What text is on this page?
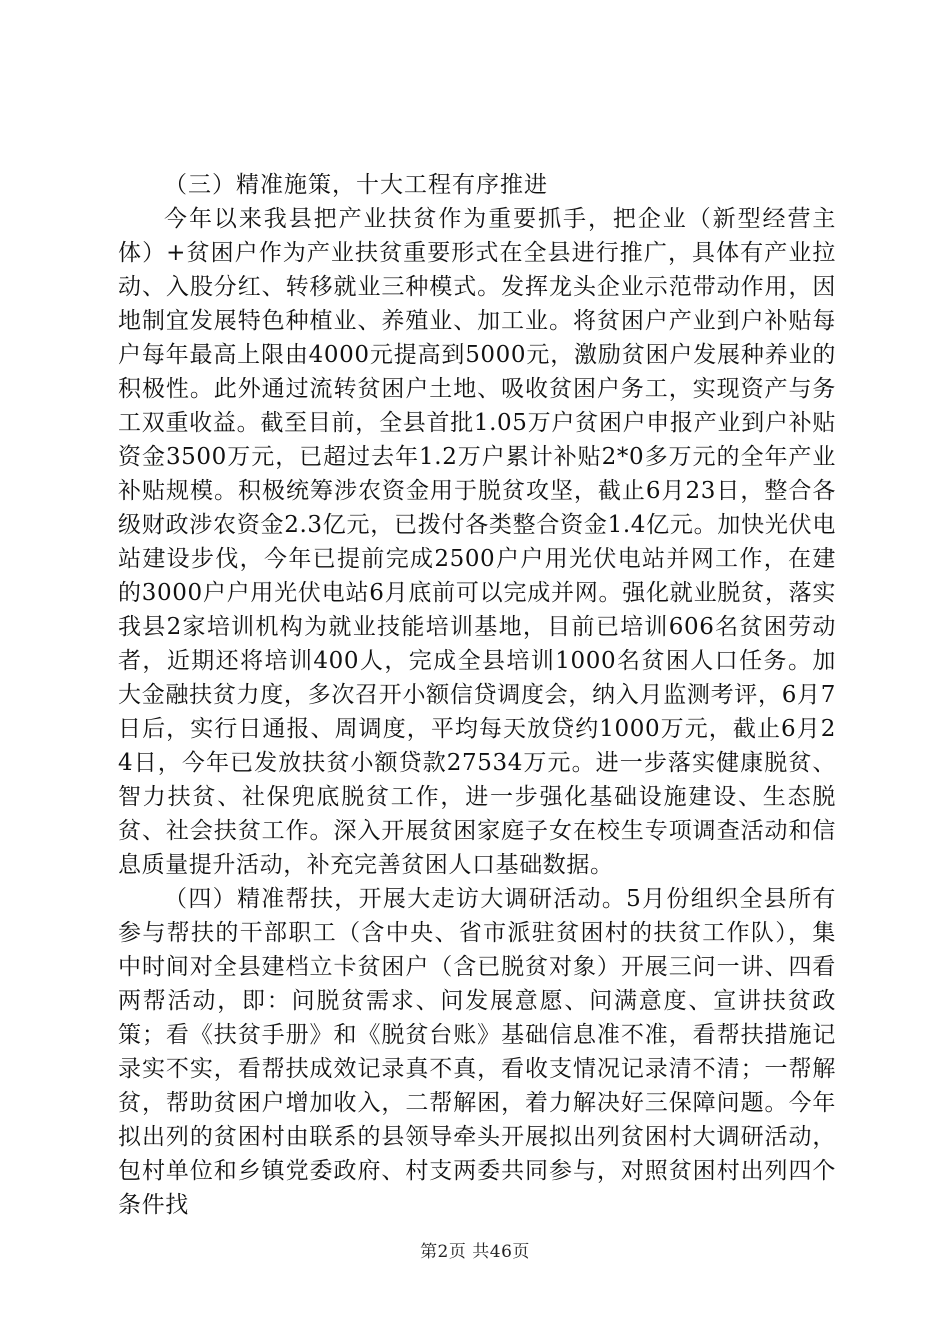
（三）精准施策，十大工程有序推进

今年以来我县把产业扶贫作为重要抓手，把企业（新型经营主体）+贫困户作为产业扶贫重要形式在全县进行推广，具体有产业拉动、入股分红、转移就业三种模式。发挥龙头企业示范带动作用，因地制宜发展特色种植业、养殖业、加工业。将贫困户产业到户补贴每户每年最高上限由4000元提高到5000元，激励贫困户发展种养业的积极性。此外通过流转贫困户土地、吸收贫困户务工，实现资产与务工双重收益。截至目前，全县首批1.05万户贫困户申报产业到户补贴资金3500万元，已超过去年1.2万户累计补贴2*0多万元的全年产业补贴规模。积极统筹涉农资金用于脱贫攻坚，截止6月23日，整合各级财政涉农资金2.3亿元，已拨付各类整合资金1.4亿元。加快光伏电站建设步伐，今年已提前完成2500户户用光伏电站并网工作，在建的3000户户用光伏电站6月底前可以完成并网。强化就业脱贫，落实我县2家培训机构为就业技能培训基地，目前已培训606名贫困劳动者，近期还将培训400人，完成全县培训1000名贫困人口任务。加大金融扶贫力度，多次召开小额信贷调度会，纳入月监测考评，6月7日后，实行日通报、周调度，平均每天放贷约1000万元，截止6月24日，今年已发放扶贫小额贷款27534万元。进一步落实健康脱贫、智力扶贫、社保兜底脱贫工作，进一步强化基础设施建设、生态脱贫、社会扶贫工作。深入开展贫困家庭子女在校生专项调查活动和信息质量提升活动，补充完善贫困人口基础数据。

（四）精准帮扶，开展大走访大调研活动。5月份组织全县所有参与帮扶的干部职工（含中央、省市派驻贫困村的扶贫工作队），集中时间对全县建档立卡贫困户（含已脱贫对象）开展三问一讲、四看两帮活动，即：问脱贫需求、问发展意愿、问满意度、宣讲扶贫政策；看《扶贫手册》和《脱贫台账》基础信息准不准，看帮扶措施记录实不实，看帮扶成效记录真不真，看收支情况记录清不清；一帮解贫，帮助贫困户增加收入，二帮解困，着力解决好三保障问题。今年拟出列的贫困村由联系的县领导牵头开展拟出列贫困村大调研活动，包村单位和乡镇党委政府、村支两委共同参与，对照贫困村出列四个条件找

第2页 共46页
